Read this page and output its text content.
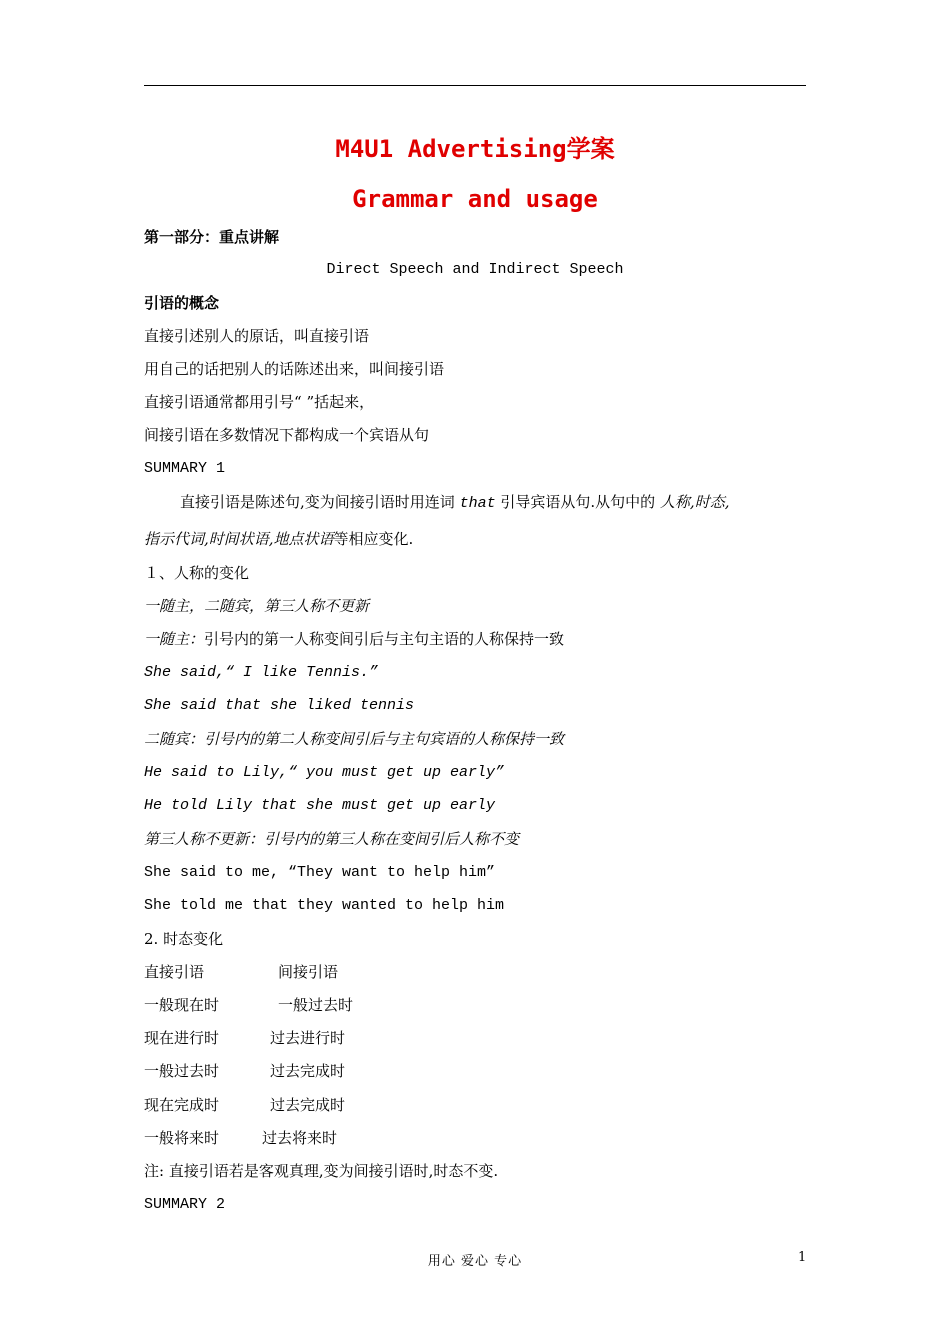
M4U1 Advertising学案
Grammar and usage
第一部分：重点讲解
Direct Speech and Indirect Speech
引语的概念
直接引述别人的原话，叫直接引语
用自己的话把别人的话陈述出来，叫间接引语
直接引语通常都用引号“ ”括起来，
间接引语在多数情况下都构成一个宾语从句
SUMMARY 1
直接引语是陈述句,变为间接引语时用连词 that 引导宾语从句.从句中的 人称,时态,
指示代词,时间状语,地点状语等相应变化.
１、人称的变化
一随主，二随宾，第三人称不更新
一随主：引号内的第一人称变间引后与主句主语的人称保持一致
She said,“ I like Tennis.”
She said that she liked tennis
二随宾：引号内的第二人称变间引后与主句宾语的人称保持一致
He said to Lily,“ you must get up early”
He told Lily that she must get up early
第三人称不更新：引号内的第三人称在变间引后人称不变
She said to me, “They want to help him”
She told me that they wanted to help him
2. 时态变化
直接引语	间接引语
一般现在时	一般过去时
现在进行时	过去进行时
一般过去时	过去完成时
现在完成时	过去完成时
一般将来时	过去将来时
注: 直接引语若是客观真理,变为间接引语时,时态不变.
SUMMARY 2
用心 爱心 专心	1
